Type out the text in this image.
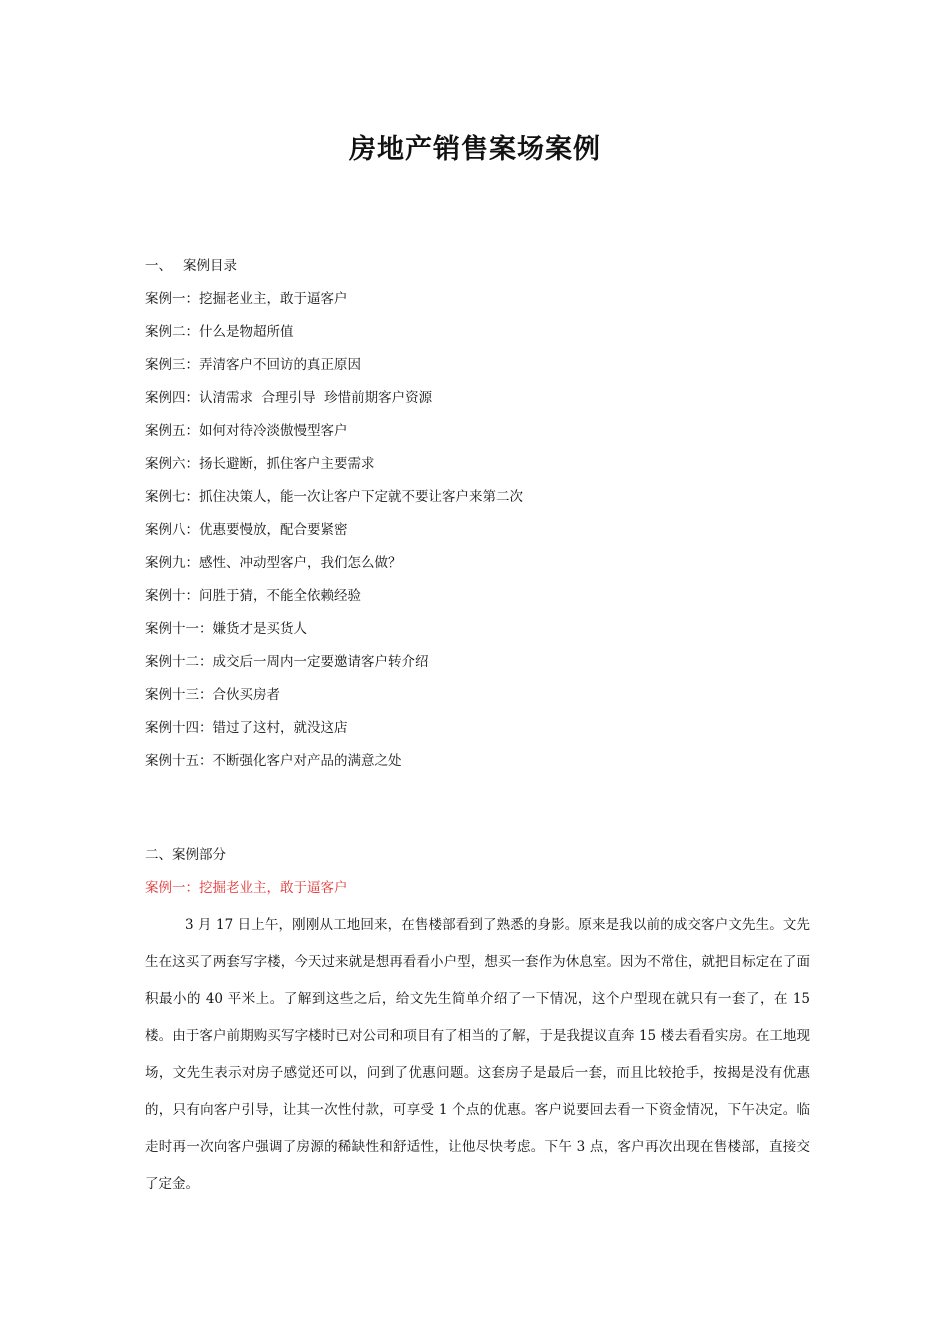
房地产销售案场案例
一、 案例目录
案例一：挖掘老业主，敢于逼客户
案例二：什么是物超所值
案例三：弄清客户不回访的真正原因
案例四：认清需求  合理引导  珍惜前期客户资源
案例五：如何对待冷淡傲慢型客户
案例六：扬长避断，抓住客户主要需求
案例七：抓住决策人，能一次让客户下定就不要让客户来第二次
案例八：优惠要慢放，配合要紧密
案例九：感性、冲动型客户，我们怎么做？
案例十：问胜于猜，不能全依赖经验
案例十一：嫌货才是买货人
案例十二：成交后一周内一定要邀请客户转介绍
案例十三：合伙买房者
案例十四：错过了这村，就没这店
案例十五：不断强化客户对产品的满意之处
二、案例部分
案例一：挖掘老业主，敢于逼客户

3 月 17 日上午，刚刚从工地回来，在售楼部看到了熟悉的身影。原来是我以前的成交客户文先生。文先生在这买了两套写字楼，今天过来就是想再看看小户型，想买一套作为休息室。因为不常住，就把目标定在了面积最小的 40 平米上。了解到这些之后，给文先生简单介绍了一下情况，这个户型现在就只有一套了，在 15 楼。由于客户前期购买写字楼时已对公司和项目有了相当的了解，于是我提议直奔 15 楼去看看实房。在工地现场，文先生表示对房子感觉还可以，问到了优惠问题。这套房子是最后一套，而且比较抢手，按揭是没有优惠的，只有向客户引导，让其一次性付款，可享受 1 个点的优惠。客户说要回去看一下资金情况，下午决定。临走时再一次向客户强调了房源的稀缺性和舒适性，让他尽快考虑。下午 3 点，客户再次出现在售楼部，直接交了定金。
